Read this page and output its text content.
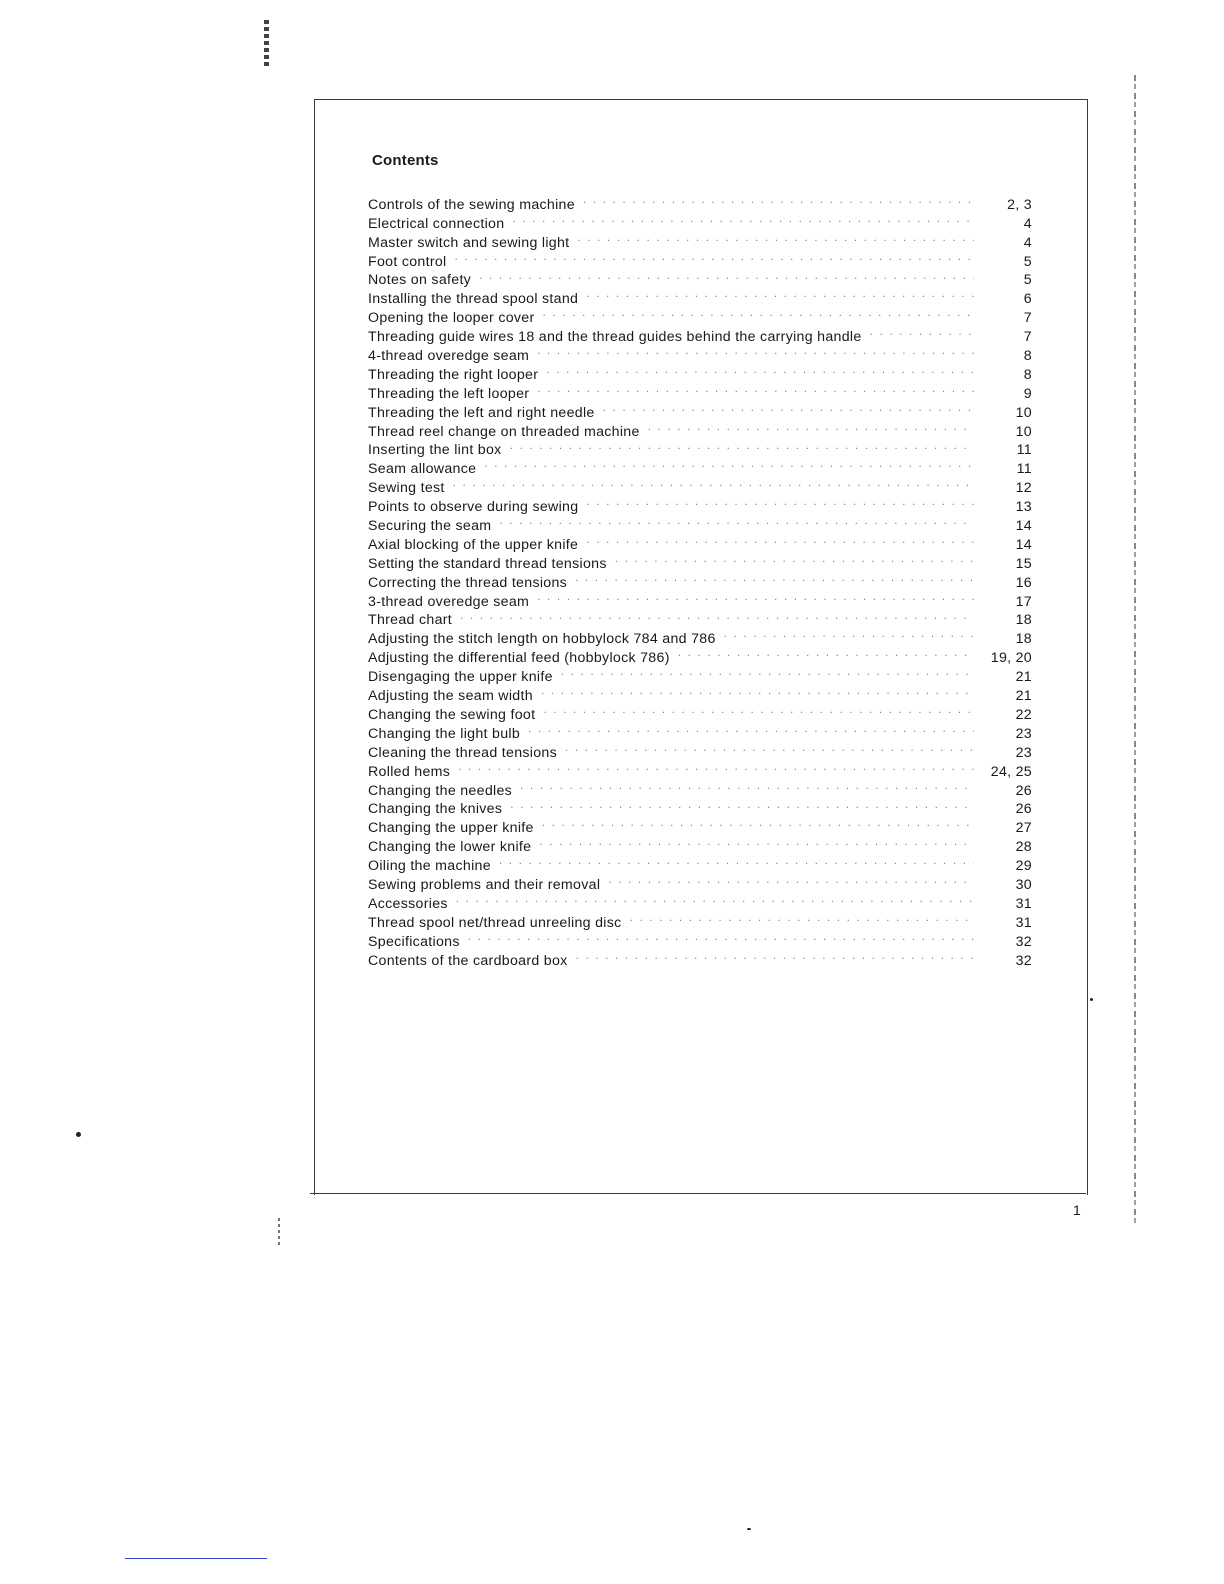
Contents
Controls of the sewing machine . . .	2, 3
Electrical connection . . .	4
Master switch and sewing light . . .	4
Foot control . . .	5
Notes on safety . . .	5
Installing the thread spool stand . . .	6
Opening the looper cover . . .	7
Threading guide wires 18 and the thread guides behind the carrying handle . . .	7
4-thread overedge seam . . .	8
Threading the right looper . . .	8
Threading the left looper . . .	9
Threading the left and right needle . . .	10
Thread reel change on threaded machine . . .	10
Inserting the lint box . . .	11
Seam allowance . . .	11
Sewing test . . .	12
Points to observe during sewing . . .	13
Securing the seam . . .	14
Axial blocking of the upper knife . . .	14
Setting the standard thread tensions . . .	15
Correcting the thread tensions . . .	16
3-thread overedge seam . . .	17
Thread chart . . .	18
Adjusting the stitch length on hobbylock 784 and 786 . . .	18
Adjusting the differential feed (hobbylock 786) . . .	19, 20
Disengaging the upper knife . . .	21
Adjusting the seam width . . .	21
Changing the sewing foot . . .	22
Changing the light bulb . . .	23
Cleaning the thread tensions . . .	23
Rolled hems . . .	24, 25
Changing the needles . . .	26
Changing the knives . . .	26
Changing the upper knife . . .	27
Changing the lower knife . . .	28
Oiling the machine . . .	29
Sewing problems and their removal . . .	30
Accessories . . .	31
Thread spool net/thread unreeling disc . . .	31
Specifications . . .	32
Contents of the cardboard box . . .	32
1
